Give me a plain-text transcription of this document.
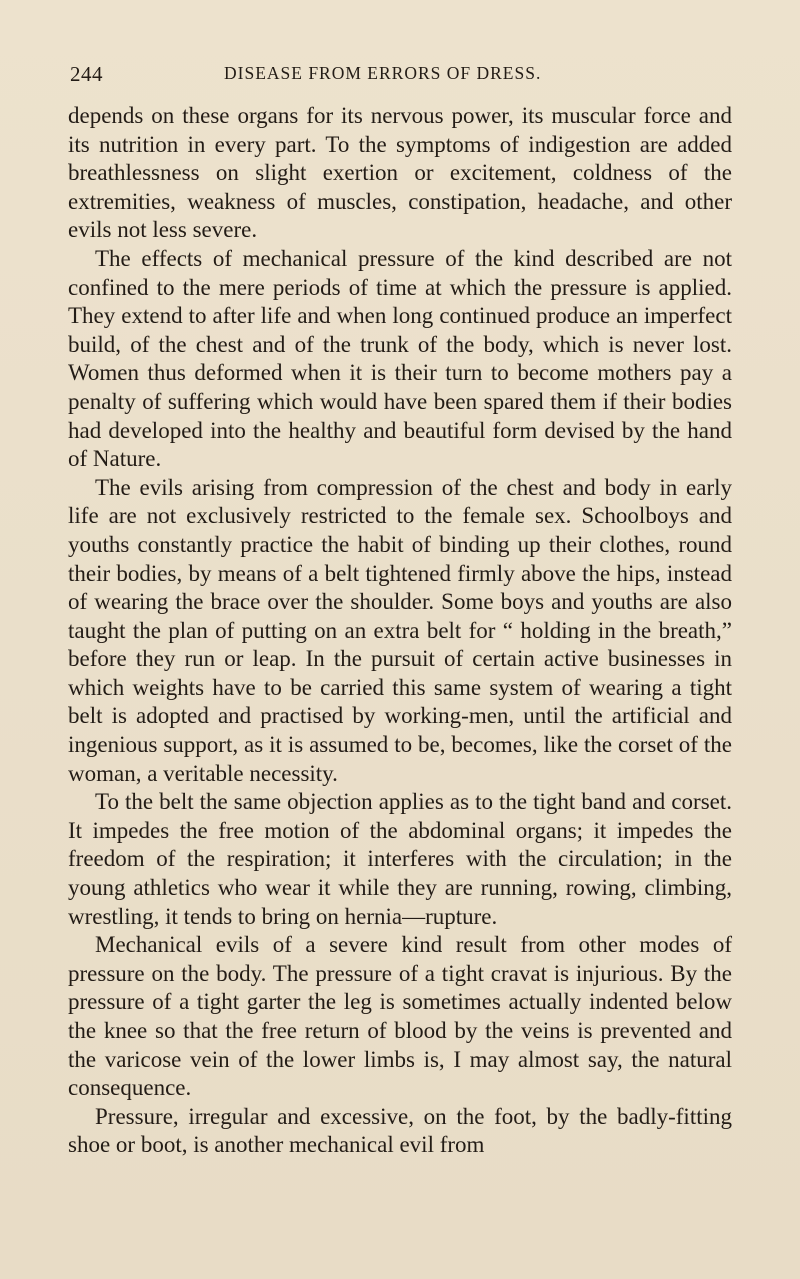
244	DISEASE FROM ERRORS OF DRESS.

depends on these organs for its nervous power, its muscular force and its nutrition in every part. To the symptoms of indigestion are added breathlessness on slight exertion or excitement, coldness of the extremities, weakness of muscles, constipation, headache, and other evils not less severe.

The effects of mechanical pressure of the kind described are not confined to the mere periods of time at which the pressure is applied. They extend to after life and when long continued produce an imperfect build, of the chest and of the trunk of the body, which is never lost. Women thus deformed when it is their turn to become mothers pay a penalty of suffering which would have been spared them if their bodies had developed into the healthy and beautiful form devised by the hand of Nature.

The evils arising from compression of the chest and body in early life are not exclusively restricted to the female sex. Schoolboys and youths constantly practice the habit of binding up their clothes, round their bodies, by means of a belt tightened firmly above the hips, instead of wearing the brace over the shoulder. Some boys and youths are also taught the plan of putting on an extra belt for “ holding in the breath,” before they run or leap. In the pursuit of certain active businesses in which weights have to be carried this same system of wearing a tight belt is adopted and practised by working-men, until the artificial and ingenious support, as it is assumed to be, becomes, like the corset of the woman, a veritable necessity.

To the belt the same objection applies as to the tight band and corset. It impedes the free motion of the abdominal organs; it impedes the freedom of the respiration; it interferes with the circulation; in the young athletics who wear it while they are running, rowing, climbing, wrestling, it tends to bring on hernia—rupture.

Mechanical evils of a severe kind result from other modes of pressure on the body. The pressure of a tight cravat is injurious. By the pressure of a tight garter the leg is sometimes actually indented below the knee so that the free return of blood by the veins is prevented and the varicose vein of the lower limbs is, I may almost say, the natural consequence.

Pressure, irregular and excessive, on the foot, by the badly-fitting shoe or boot, is another mechanical evil from
